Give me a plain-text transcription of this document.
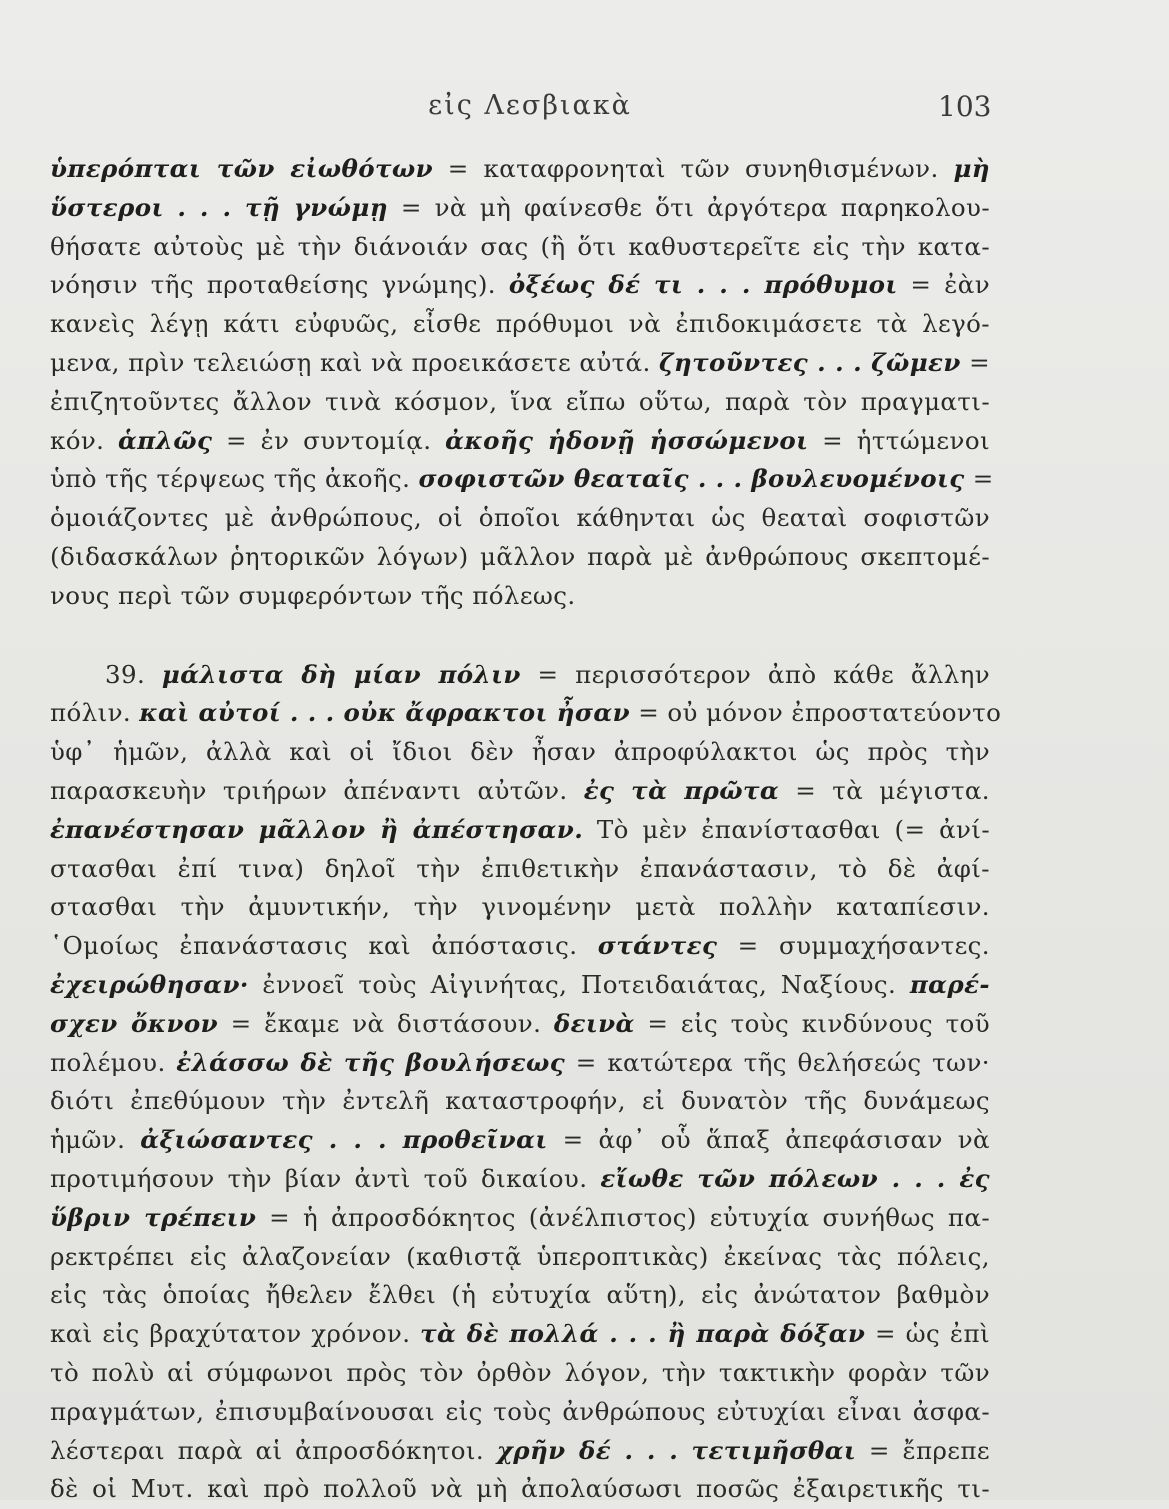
εἰς Λεσβιακὰ	103
ὑπερόπται τῶν εἰωθότων = καταφρονηταὶ τῶν συνηθισμένων. μὴ
ὕστεροι . . . τῇ γνώμῃ = νὰ μὴ φαίνεσθε ὅτι ἀργότερα παρηκολου-
θήσατε αὐτοὺς μὲ τὴν διάνοιάν σας (ἢ ὅτι καθυστερεῖτε εἰς τὴν κατα-
νόησιν τῆς προταθείσης γνώμης). ὀξέως δέ τι . . . πρόθυμοι = ἐὰν
κανεὶς λέγῃ κάτι εὐφυῶς, εἶσθε πρόθυμοι νὰ ἐπιδοκιμάσετε τὰ λεγό-
μενα, πρὶν τελειώσῃ καὶ νὰ προεικάσετε αὐτά. ζητοῦντες . . . ζῶμεν =
ἐπιζητοῦντες ἄλλον τινὰ κόσμον, ἵνα εἴπω οὕτω, παρὰ τὸν πραγματι-
κόν. ἁπλῶς = ἐν συντομίᾳ. ἀκοῆς ἡδονῇ ἡσσώμενοι = ἡττώμενοι
ὑπὸ τῆς τέρψεως τῆς ἀκοῆς. σοφιστῶν θεαταῖς . . . βουλευομένοις =
ὁμοιάζοντες μὲ ἀνθρώπους, οἱ ὁποῖοι κάθηνται ὡς θεαταὶ σοφιστῶν
(διδασκάλων ῥητορικῶν λόγων) μᾶλλον παρὰ μὲ ἀνθρώπους σκεπτομέ-
νους περὶ τῶν συμφερόντων τῆς πόλεως.
39. μάλιστα δὴ μίαν πόλιν = περισσότερον ἀπὸ κάθε ἄλλην
πόλιν. καὶ αὐτοί . . . οὐκ ἄφρακτοι ἦσαν = οὐ μόνον ἐπροστατεύοντο
ὑφ᾿ ἡμῶν, ἀλλὰ καὶ οἱ ἴδιοι δὲν ἦσαν ἀπροφύλακτοι ὡς πρὸς τὴν
παρασκευὴν τριήρων ἀπέναντι αὐτῶν. ἐς τὰ πρῶτα = τὰ μέγιστα.
ἐπανέστησαν μᾶλλον ἢ ἀπέστησαν. Τὸ μὲν ἐπανίστασθαι (= ἀνί-
στασθαι ἐπί τινα) δηλοῖ τὴν ἐπιθετικὴν ἐπανάστασιν, τὸ δὲ ἀφί-
στασθαι τὴν ἀμυντικήν, τὴν γινομένην μετὰ πολλὴν καταπίεσιν.
῾Ομοίως ἐπανάστασις καὶ ἀπόστασις. στάντες = συμμαχήσαντες.
ἐχειρώθησαν· ἐννοεῖ τοὺς Αἰγινήτας, Ποτειδαιάτας, Ναξίους. παρέ-
σχεν ὄκνον = ἔκαμε νὰ διστάσουν. δεινὰ = εἰς τοὺς κινδύνους τοῦ
πολέμου. ἐλάσσω δὲ τῆς βουλήσεως = κατώτερα τῆς θελήσεώς των·
διότι ἐπεθύμουν τὴν ἐντελῆ καταστροφήν, εἰ δυνατὸν τῆς δυνάμεως
ἡμῶν. ἀξιώσαντες . . . προθεῖναι = ἀφ᾿ οὗ ἅπαξ ἀπεφάσισαν νὰ
προτιμήσουν τὴν βίαν ἀντὶ τοῦ δικαίου. εἴωθε τῶν πόλεων . . . ἐς
ὕβριν τρέπειν = ἡ ἀπροσδόκητος (ἀνέλπιστος) εὐτυχία συνήθως πα-
ρεκτρέπει εἰς ἀλαζονείαν (καθιστᾷ ὑπεροπτικὰς) ἐκείνας τὰς πόλεις,
εἰς τὰς ὁποίας ἤθελεν ἔλθει (ἡ εὐτυχία αὕτη), εἰς ἀνώτατον βαθμὸν
καὶ εἰς βραχύτατον χρόνον. τὰ δὲ πολλά . . . ἢ παρὰ δόξαν = ὡς ἐπὶ
τὸ πολὺ αἱ σύμφωνοι πρὸς τὸν ὀρθὸν λόγον, τὴν τακτικὴν φορὰν τῶν
πραγμάτων, ἐπισυμβαίνουσαι εἰς τοὺς ἀνθρώπους εὐτυχίαι εἶναι ἀσφα-
λέστεραι παρὰ αἱ ἀπροσδόκητοι. χρῆν δέ . . . τετιμῆσθαι = ἔπρεπε
δὲ οἱ Μυτ. καὶ πρὸ πολλοῦ νὰ μὴ ἀπολαύσωσι ποσῶς ἐξαιρετικῆς τι-
